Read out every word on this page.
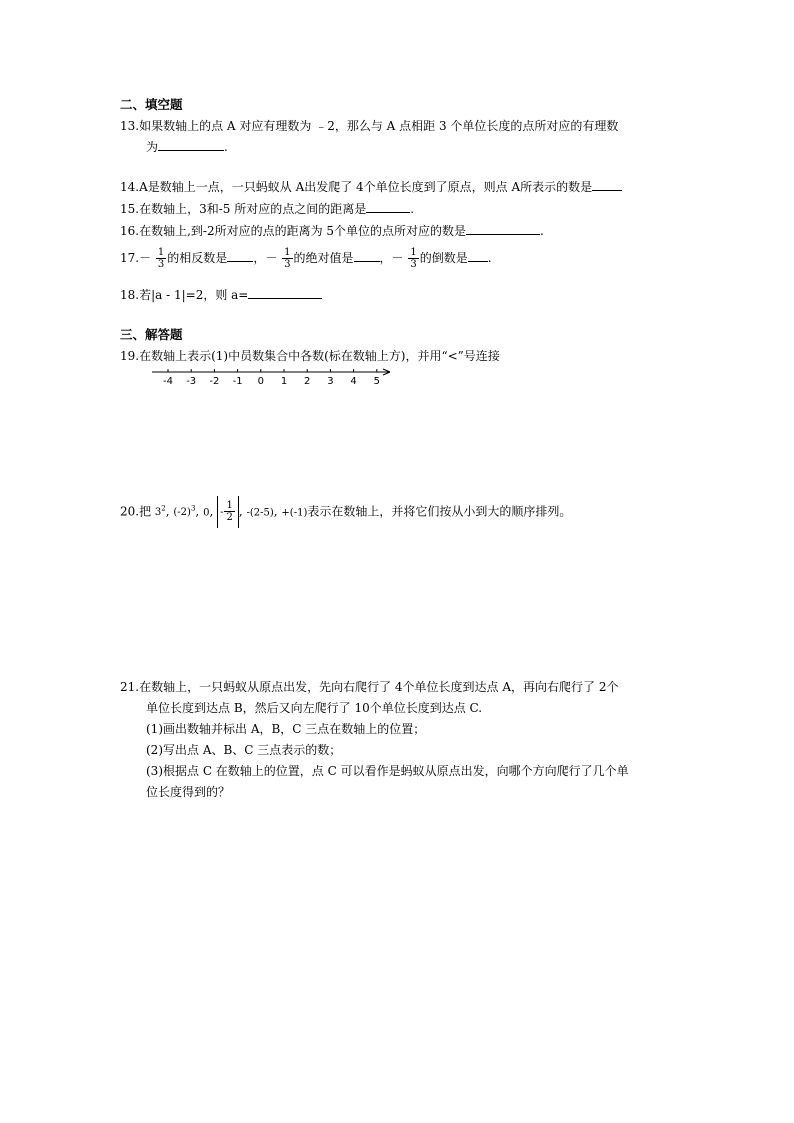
二、填空题
13.如果数轴上的点 A 对应有理数为 ﹣2，那么与 A 点相距 3 个单位长度的点所对应的有理数
为	.
14.A是数轴上一点，一只蚂蚁从 A出发爬了 4个单位长度到了原点，则点 A所表示的数是
15.在数轴上，3和-5 所对应的点之间的距离是	.
16.在数轴上,到-2所对应的点的距离为 5个单位的点所对应的数是	.
$17.- \frac{1}{3}$ 的相反数是 ，－ $\frac{1}{3}$ 的绝对值是 ，－ $\frac{1}{3}$ 的倒数是 .
18.若|a - 1|=2，则 a=
三、解答题
19.在数轴上表示(1)中员数集合中各数(标在数轴上方)，并用“<”号连接
-4 -3 -2 -1 0 1 2 3 4 5
20.把 $3^2$, $(-2)^3$, 0, - $\frac{1}{2}$ , -(2-5), +(-1)表示在数轴上，并将它们按从小到大的顺序排列。
21.在数轴上，一只蚂蚁从原点出发，先向右爬行了 4个单位长度到达点 A，再向右爬行了 2个
单位长度到达点 B，然后又向左爬行了 10个单位长度到达点 C.
(1)画出数轴并标出 A，B，C 三点在数轴上的位置；
(2)写出点 A、B、C 三点表示的数；
(3)根据点 C 在数轴上的位置，点 C 可以看作是蚂蚁从原点出发，向哪个方向爬行了几个单
位长度得到的？
